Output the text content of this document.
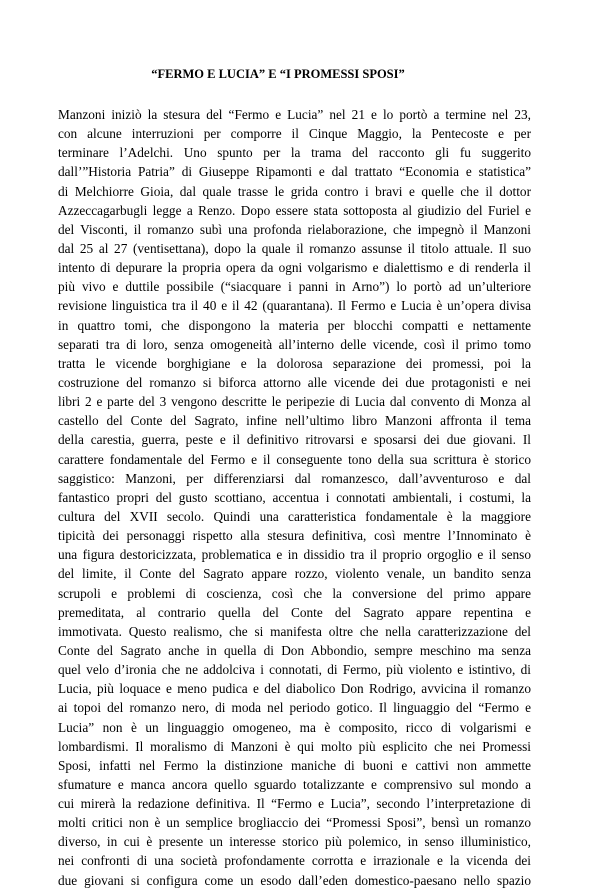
“FERMO E LUCIA” E “I PROMESSI SPOSI”
Manzoni iniziò la stesura del “Fermo e Lucia” nel 21 e lo portò a termine nel 23,
con alcune interruzioni per comporre il Cinque Maggio, la Pentecoste e per
terminare l’Adelchi. Uno spunto per la trama del racconto gli fu suggerito
dall’”Historia Patria” di Giuseppe Ripamonti e dal trattato “Economia e statistica”
di Melchiorre Gioia, dal quale trasse le grida contro i bravi e quelle che il dottor
Azzeccagarbugli legge a Renzo. Dopo essere stata sottoposta al giudizio del Furiel e
del Visconti, il romanzo subì una profonda rielaborazione, che impegnò il Manzoni
dal 25 al 27 (ventisettana), dopo la quale il romanzo assunse il titolo attuale. Il suo
intento di depurare la propria opera da ogni volgarismo e dialettismo e di renderla il
più vivo e duttile possibile (“siacquare i panni in Arno”) lo portò ad un’ulteriore
revisione linguistica tra il 40 e il 42 (quarantana). Il Fermo e Lucia è un’opera divisa
in quattro tomi, che dispongono la materia per blocchi compatti e nettamente
separati tra di loro, senza omogeneità all’interno delle vicende, così il primo tomo
tratta le vicende borghigiane e la dolorosa separazione dei promessi, poi la
costruzione del romanzo si biforca attorno alle vicende dei due protagonisti e nei
libri 2 e parte del 3 vengono descritte le peripezie di Lucia dal convento di Monza al
castello del Conte del Sagrato, infine nell’ultimo libro Manzoni affronta il tema
della carestia, guerra, peste e il definitivo ritrovarsi e sposarsi dei due giovani. Il
carattere fondamentale del Fermo e il conseguente tono della sua scrittura è storico
saggistico: Manzoni, per differenziarsi dal romanzesco, dall’avventuroso e dal
fantastico propri del gusto scottiano, accentua i connotati ambientali, i costumi, la
cultura del XVII secolo. Quindi una caratteristica fondamentale è la maggiore
tipicità dei personaggi rispetto alla stesura definitiva, così mentre l’Innominato è
una figura destoricizzata, problematica e in dissidio tra il proprio orgoglio e il senso
del limite, il Conte del Sagrato appare rozzo, violento venale, un bandito senza
scrupoli e problemi di coscienza, così che la conversione del primo appare
premeditata, al contrario quella del Conte del Sagrato appare repentina e
immotivata. Questo realismo, che si manifesta oltre che nella caratterizzazione del
Conte del Sagrato anche in quella di Don Abbondio, sempre meschino ma senza
quel velo d’ironia che ne addolciva i connotati, di Fermo, più violento e istintivo, di
Lucia, più loquace e meno pudica e del diabolico Don Rodrigo, avvicina il romanzo
ai topoi del romanzo nero, di moda nel periodo gotico. Il linguaggio del “Fermo e
Lucia” non è un linguaggio omogeneo, ma è composito, ricco di volgarismi e
lombardismi. Il moralismo di Manzoni è qui molto più esplicito che nei Promessi
Sposi, infatti nel Fermo la distinzione maniche di buoni e cattivi non ammette
sfumature e manca ancora quello sguardo totalizzante e comprensivo sul mondo a
cui mirerà la redazione definitiva. Il “Fermo e Lucia”, secondo l’interpretazione di
molti critici non è un semplice brogliaccio dei “Promessi Sposi”, bensì un romanzo
diverso, in cui è presente un interesse storico più polemico, in senso illuministico,
nei confronti di una società profondamente corrotta e irrazionale e la vicenda dei
due giovani si configura come un esodo dall’eden domestico-paesano nello spazio
